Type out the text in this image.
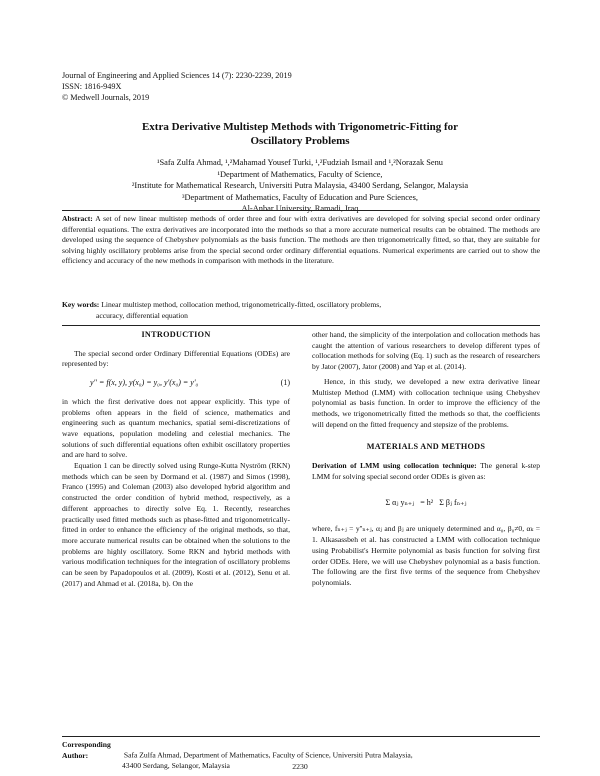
Journal of Engineering and Applied Sciences 14 (7): 2230-2239, 2019
ISSN: 1816-949X
© Medwell Journals, 2019
Extra Derivative Multistep Methods with Trigonometric-Fitting for
Oscillatory Problems
¹Safa Zulfa Ahmad, ¹,²Mahamad Yousef Turki, ¹,²Fudziah Ismail and ¹,²Norazak Senu
¹Department of Mathematics, Faculty of Science,
²Institute for Mathematical Research, Universiti Putra Malaysia, 43400 Serdang, Selangor, Malaysia
³Department of Mathematics, Faculty of Education and Pure Sciences,
Al-Anbar University, Ramadi, Iraq
Abstract: A set of new linear multistep methods of order three and four with extra derivatives are developed for solving special second order ordinary differential equations. The extra derivatives are incorporated into the methods so that a more accurate numerical results can be obtained. The methods are developed using the sequence of Chebyshev polynomials as the basis function. The methods are then trigonometrically fitted, so that, they are suitable for solving highly oscillatory problems arise from the special second order ordinary differential equations. Numerical experiments are carried out to show the efficiency and accuracy of the new methods in comparison with methods in the literature.
Key words: Linear multistep method, collocation method, trigonometrically-fitted, oscillatory problems,
accuracy, differential equation
INTRODUCTION

The special second order Ordinary Differential Equations (ODEs) are represented by:

y'' = f(x, y), y(x₀) = y₀, y'(x₀) = y'₀	(1)

in which the first derivative does not appear explicitly. This type of problems often appears in the field of science, mathematics and engineering such as quantum mechanics, spatial semi-discretizations of wave equations, population modeling and celestial mechanics. The solutions of such differential equations often exhibit oscillatory properties and are hard to solve.

Equation 1 can be directly solved using Runge-Kutta Nyström (RKN) methods which can be seen by Dormand et al. (1987) and Simos (1998), Franco (1995) and Coleman (2003) also developed hybrid algorithm and constructed the order condition of hybrid method, respectively, as a different approaches to directly solve Eq. 1. Recently, researches practically used fitted methods such as phase-fitted and trigonometrically-fitted in order to enhance the efficiency of the original methods, so that, more accurate numerical results can be obtained when the solutions to the problems are highly oscillatory. Some RKN and hybrid methods with various modification techniques for the integration of oscillatory problems can be seen by Papadopoulos et al. (2009), Kosti et al. (2012), Senu et al. (2017) and Ahmad et al. (2018a, b). On the

other hand, the simplicity of the interpolation and collocation methods has caught the attention of various researchers to develop different types of collocation methods for solving (Eq. 1) such as the research of researchers by Jator (2007), Jator (2008) and Yap et al. (2014).

Hence, in this study, we developed a new extra derivative linear Multistep Method (LMM) with collocation technique using Chebyshev polynomial as basis function. In order to improve the efficiency of the methods, we trigonometrically fitted the methods so that, the coefficients will depend on the fitted frequency and stepsize of the problems.

MATERIALS AND METHODS

Derivation of LMM using collocation technique: The general k-step LMM for solving special second order ODEs is given as:

Σ αⱼ yₙ₊ⱼ = h² Σ βⱼ fₙ₊ⱼ

where, fₙ₊ⱼ = y''ₙ₊ⱼ, αⱼ and βⱼ are uniquely determined and α₀, β₀≠0, αₖ = 1. Alkasassbeh et al. has constructed a LMM with collocation technique using Probabilist's Hermite polynomial as basis function for solving first order ODEs. Here, we will use Chebyshev polynomial as a basis function. The following are the first five terms of the sequence from Chebyshev polynomials.

Corresponding Author:	Safa Zulfa Ahmad, Department of Mathematics, Faculty of Science, Universiti Putra Malaysia,
43400 Serdang, Selangor, Malaysia	2230
